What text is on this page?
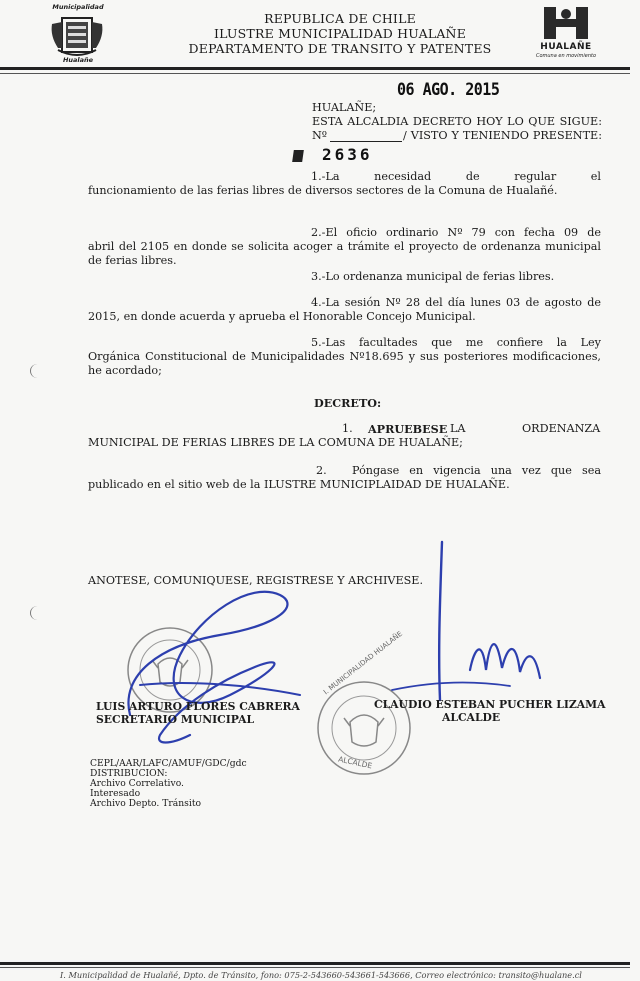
Municipalidad
Hualañe
REPUBLICA DE CHILE
ILUSTRE MUNICIPALIDAD HUALAÑE
DEPARTAMENTO DE TRANSITO Y PATENTES	HUALAÑE
Comuna en movimiento
HUALAÑE;
06 AGO. 2015
ESTA ALCALDIA DECRETO HOY LO QUE SIGUE:
Nº	/ VISTO Y TENIENDO PRESENTE:
2636
1.-La necesidad de regular el
funcionamiento de las ferias libres de diversos sectores de la Comuna de Hualañé.
2.-El oficio ordinario Nº 79 con fecha 09 de
abril del 2105 en donde se solicita acoger a trámite el proyecto de ordenanza municipal de ferias libres.
3.-Lo ordenanza municipal de ferias libres.
4.-La sesión Nº 28 del día lunes 03 de agosto de
2015, en donde acuerda y aprueba el Honorable Concejo Municipal.
5.-Las facultades que me confiere la Ley
Orgánica Constitucional de Municipalidades Nº18.695 y sus posteriores modificaciones, he acordado;
DECRETO:
1. APRUEBESE LA	ORDENANZA
MUNICIPAL DE FERIAS LIBRES DE LA COMUNA DE HUALAÑE;
2. Póngase en vigencia una vez que sea
publicado en el sitio web de la ILUSTRE MUNICIPLAIDAD DE HUALAÑE.
ANOTESE, COMUNIQUESE, REGISTRESE Y ARCHIVESE.
I. MUNICIPALIDAD HUALAÑE
ALCALDE
LUIS ARTURO FLORES CABRERA
SECRETARIO MUNICIPAL
CLAUDIO ESTEBAN PUCHER LIZAMA
ALCALDE
CEPL/AAR/LAFC/AMUF/GDC/gdc
DISTRIBUCION:
Archivo Correlativo.
Interesado
Archivo Depto. Tránsito
I. Municipalidad de Hualañé, Dpto. de Tránsito, fono: 075-2-543660-543661-543666, Correo electrónico: transito@hualane.cl
